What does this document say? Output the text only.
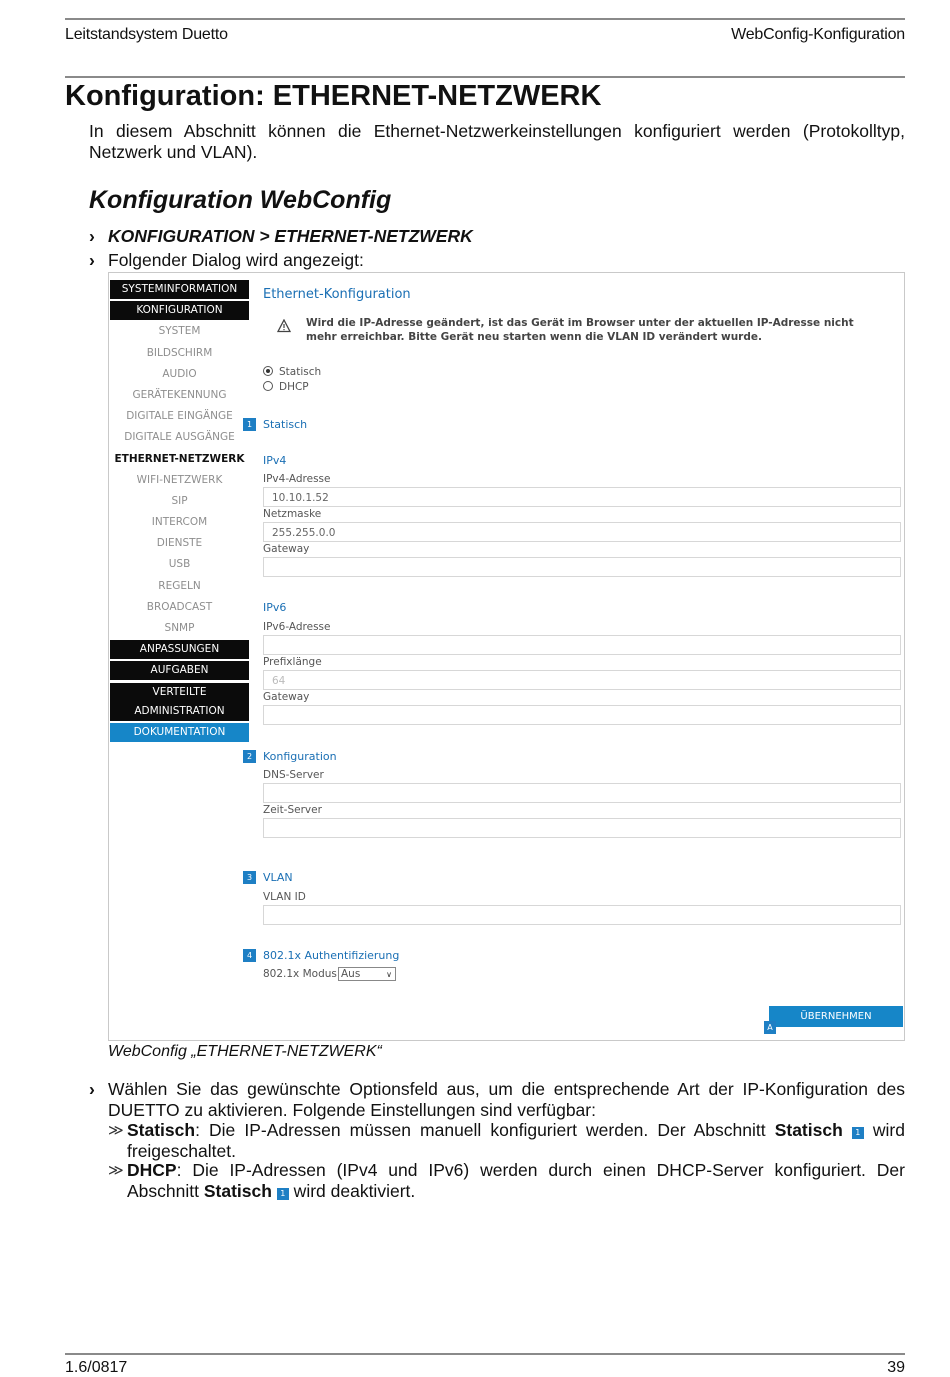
Leitstandsystem Duetto	WebConfig-Konfiguration
Konfiguration: ETHERNET-NETZWERK

In diesem Abschnitt können die Ethernet-Netzwerkeinstellungen konfiguriert werden (Protokolltyp, Netzwerk und VLAN).

Konfiguration WebConfig
› KONFIGURATION > ETHERNET-NETZWERK
› Folgender Dialog wird angezeigt:
SYSTEMINFORMATION
KONFIGURATION
SYSTEM
BILDSCHIRM
AUDIO
GERÄTEKENNUNG
DIGITALE EINGÄNGE
DIGITALE AUSGÄNGE
ETHERNET-NETZWERK
WIFI-NETZWERK
SIP
INTERCOM
DIENSTE
USB
REGELN
BROADCAST
SNMP
ANPASSUNGEN
AUFGABEN
VERTEILTE
ADMINISTRATION
DOKUMENTATION
Ethernet-Konfiguration
Wird die IP-Adresse geändert, ist das Gerät im Browser unter der aktuellen IP-Adresse nicht mehr erreichbar. Bitte Gerät neu starten wenn die VLAN ID verändert wurde.
Statisch
DHCP
1 Statisch
IPv4
IPv4-Adresse
10.10.1.52
Netzmaske
255.255.0.0
Gateway
IPv6
IPv6-Adresse
Prefixlänge
64
Gateway
2 Konfiguration
DNS-Server
Zeit-Server
3 VLAN
VLAN ID
4 802.1x Authentifizierung
802.1x Modus Aus	∨
ÜBERNEHMEN
A
WebConfig „ETHERNET-NETZWERK“
› Wählen Sie das gewünschte Optionsfeld aus, um die entsprechende Art der IP-Konfiguration des DUETTO zu aktivieren. Folgende Einstellungen sind verfügbar:

≫ Statisch: Die IP-Adressen müssen manuell konfiguriert werden. Der Abschnitt Statisch 1 wird freigeschaltet.

≫ DHCP: Die IP-Adressen (IPv4 und IPv6) werden durch einen DHCP-Server konfiguriert. Der Abschnitt Statisch 1 wird deaktiviert.

1.6/0817	39
